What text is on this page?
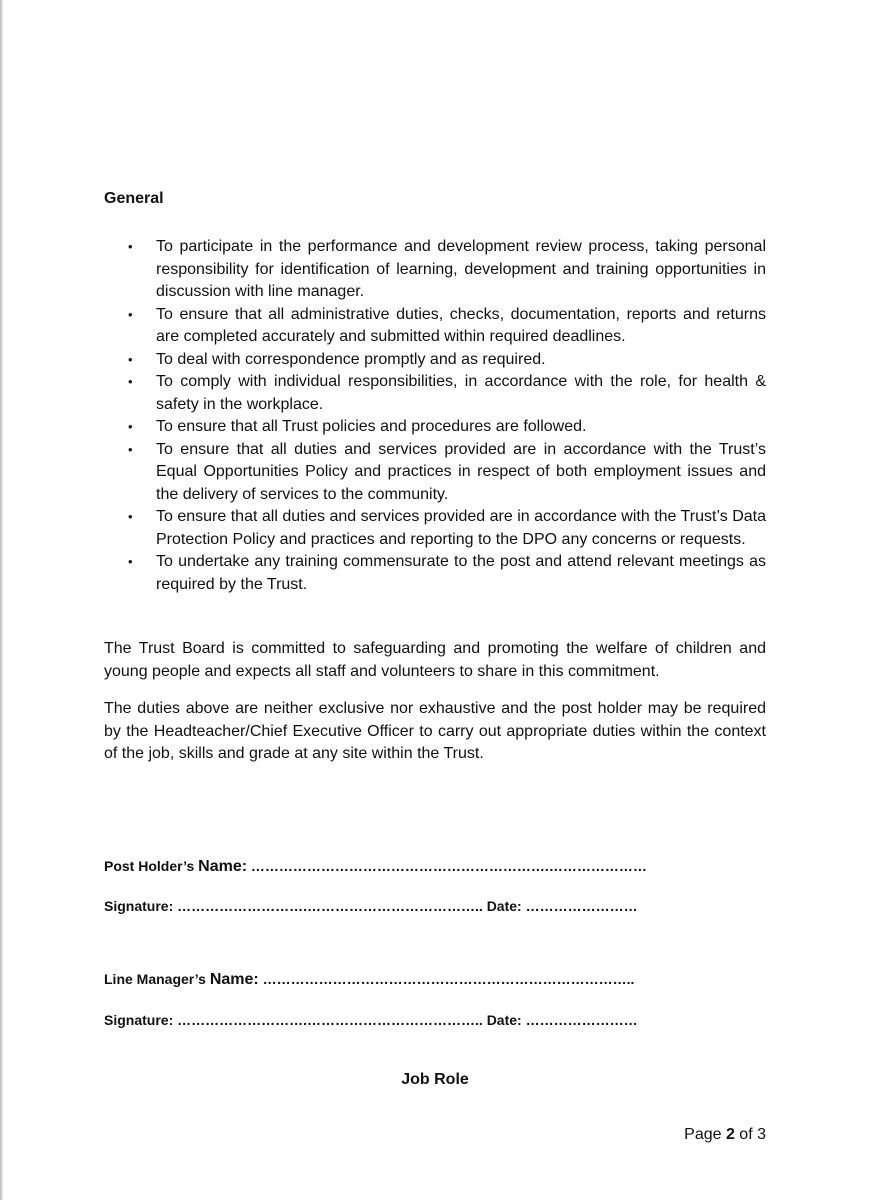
General
• To participate in the performance and development review process, taking personal responsibility for identification of learning, development and training opportunities in discussion with line manager.
• To ensure that all administrative duties, checks, documentation, reports and returns are completed accurately and submitted within required deadlines.
• To deal with correspondence promptly and as required.
• To comply with individual responsibilities, in accordance with the role, for health & safety in the workplace.
• To ensure that all Trust policies and procedures are followed.
• To ensure that all duties and services provided are in accordance with the Trust’s Equal Opportunities Policy and practices in respect of both employment issues and the delivery of services to the community.
• To ensure that all duties and services provided are in accordance with the Trust’s Data Protection Policy and practices and reporting to the DPO any concerns or requests.
• To undertake any training commensurate to the post and attend relevant meetings as required by the Trust.

The Trust Board is committed to safeguarding and promoting the welfare of children and young people and expects all staff and volunteers to share in this commitment.

The duties above are neither exclusive nor exhaustive and the post holder may be required by the Headteacher/Chief Executive Officer to carry out appropriate duties within the context of the job, skills and grade at any site within the Trust.

Post Holder’s Name: ……………………………………………………….…………………
Signature: ……………………….……………………………….. Date: ……………………
Line Manager’s Name: ……………………………………………………………………..
Signature: ……………………….……………………………….. Date: ……………………
Job Role
Page 2 of 3
